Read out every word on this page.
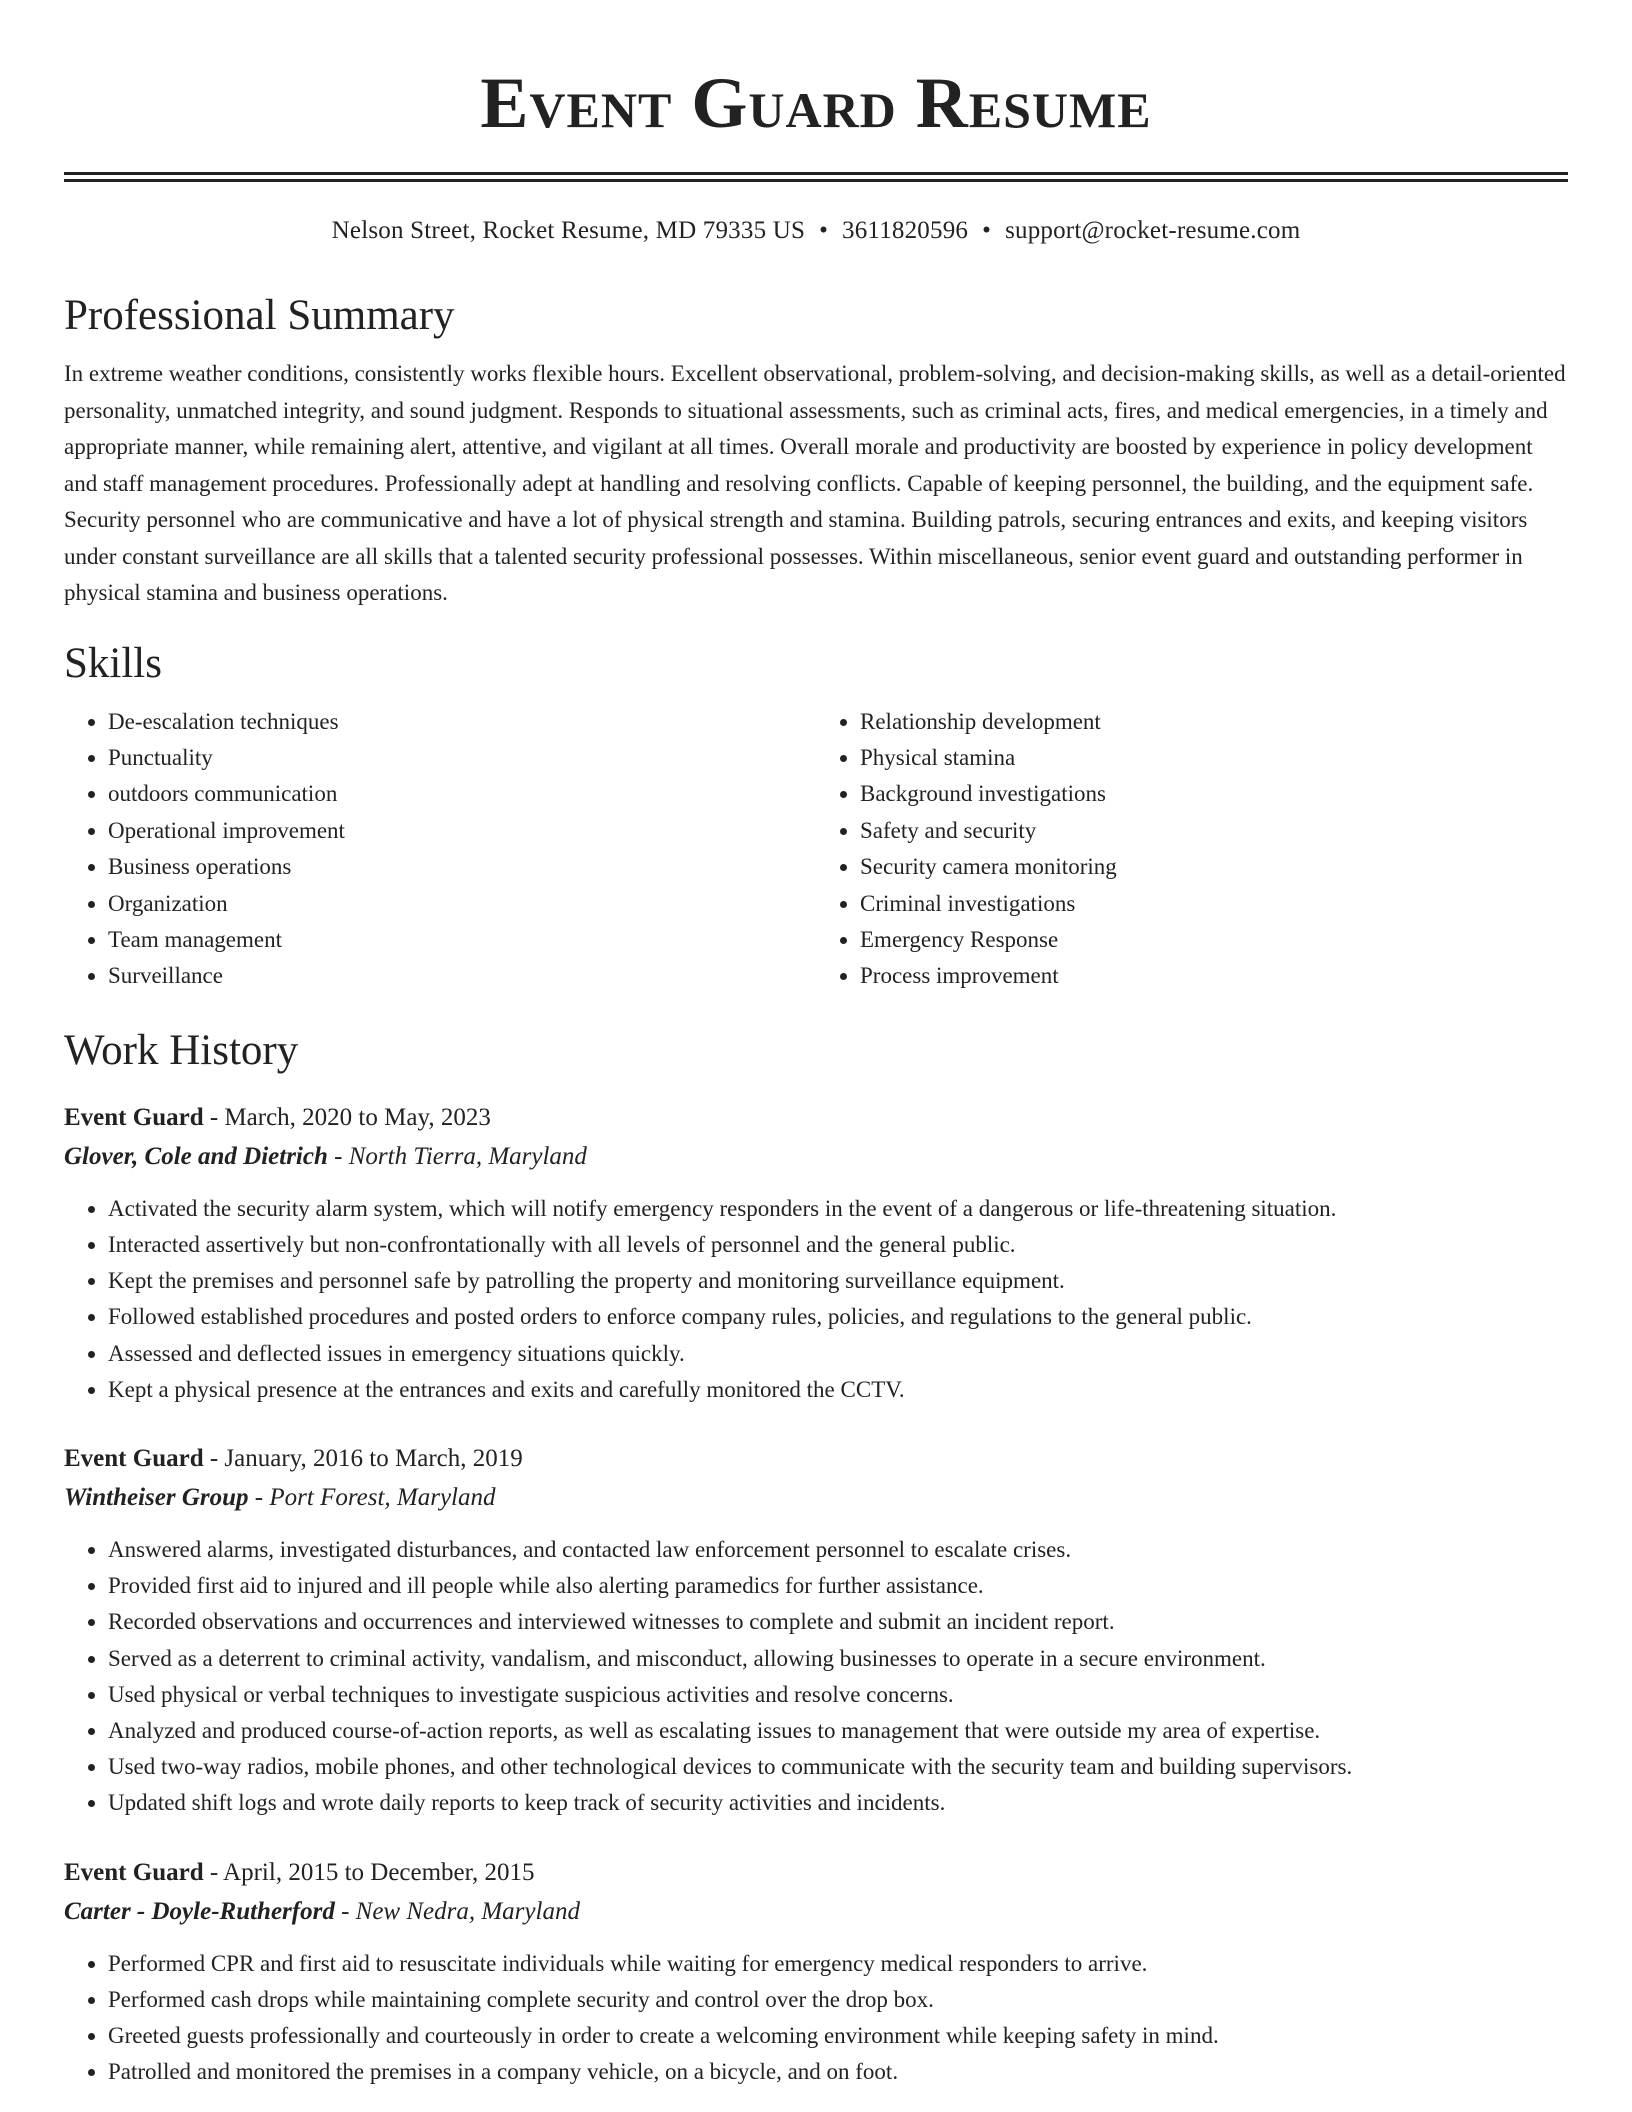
Event Guard Resume
Nelson Street, Rocket Resume, MD 79335 US • 3611820596 • support@rocket-resume.com
Professional Summary

In extreme weather conditions, consistently works flexible hours. Excellent observational, problem-solving, and decision-making skills, as well as a detail-oriented personality, unmatched integrity, and sound judgment. Responds to situational assessments, such as criminal acts, fires, and medical emergencies, in a timely and appropriate manner, while remaining alert, attentive, and vigilant at all times. Overall morale and productivity are boosted by experience in policy development and staff management procedures. Professionally adept at handling and resolving conflicts. Capable of keeping personnel, the building, and the equipment safe. Security personnel who are communicative and have a lot of physical strength and stamina. Building patrols, securing entrances and exits, and keeping visitors under constant surveillance are all skills that a talented security professional possesses. Within miscellaneous, senior event guard and outstanding performer in physical stamina and business operations.

Skills
• De-escalation techniques
• Punctuality
• outdoors communication
• Operational improvement
• Business operations
• Organization
• Team management
• Surveillance
• Relationship development
• Physical stamina
• Background investigations
• Safety and security
• Security camera monitoring
• Criminal investigations
• Emergency Response
• Process improvement
Work History
Event Guard - March, 2020 to May, 2023
Glover, Cole and Dietrich - North Tierra, Maryland
• Activated the security alarm system, which will notify emergency responders in the event of a dangerous or life-threatening situation.
• Interacted assertively but non-confrontationally with all levels of personnel and the general public.
• Kept the premises and personnel safe by patrolling the property and monitoring surveillance equipment.
• Followed established procedures and posted orders to enforce company rules, policies, and regulations to the general public.
• Assessed and deflected issues in emergency situations quickly.
• Kept a physical presence at the entrances and exits and carefully monitored the CCTV.
Event Guard - January, 2016 to March, 2019
Wintheiser Group - Port Forest, Maryland
• Answered alarms, investigated disturbances, and contacted law enforcement personnel to escalate crises.
• Provided first aid to injured and ill people while also alerting paramedics for further assistance.
• Recorded observations and occurrences and interviewed witnesses to complete and submit an incident report.
• Served as a deterrent to criminal activity, vandalism, and misconduct, allowing businesses to operate in a secure environment.
• Used physical or verbal techniques to investigate suspicious activities and resolve concerns.
• Analyzed and produced course-of-action reports, as well as escalating issues to management that were outside my area of expertise.
• Used two-way radios, mobile phones, and other technological devices to communicate with the security team and building supervisors.
• Updated shift logs and wrote daily reports to keep track of security activities and incidents.
Event Guard - April, 2015 to December, 2015
Carter - Doyle-Rutherford - New Nedra, Maryland
• Performed CPR and first aid to resuscitate individuals while waiting for emergency medical responders to arrive.
• Performed cash drops while maintaining complete security and control over the drop box.
• Greeted guests professionally and courteously in order to create a welcoming environment while keeping safety in mind.
• Patrolled and monitored the premises in a company vehicle, on a bicycle, and on foot.
